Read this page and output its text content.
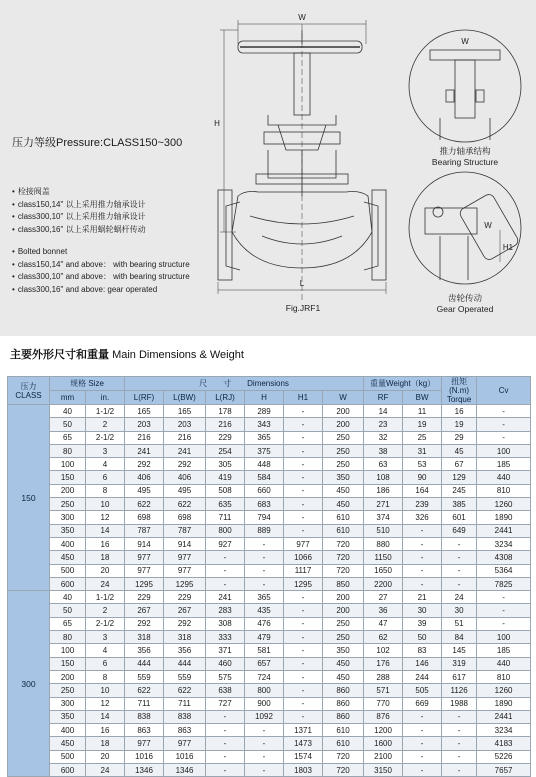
W
H
L
H1
W
W
压力等级Pressure:CLASS150~300
• 栓接阀盖
• class150,14" 以上采用推力轴承设计
• class300,10" 以上采用推力轴承设计
• class300,16" 以上采用蜗轮蜗杆传动
• Bolted bonnet
• class150,14" and above： with bearing structure
• class300,10" and above： with bearing structure
• class300,16" and above: gear operated
Fig.JRF1
推力轴承结构
Bearing Structure
齿轮传动
Gear Operated
主要外形尺寸和重量 Main Dimensions & Weight
压力
CLASS	规格 Size		尺　　寸　　Dimensions						重量Weight（kg）		扭矩(N.m)
Torque	Cv
	mm	in.	L(RF)	L(BW)	L(RJ)	H	H1	W	RF	BW		
150	40	1-1/2	165	165	178	289	-	200	14	11	16	-
	50	2	203	203	216	343	-	200	23	19	19	-
	65	2-1/2	216	216	229	365	-	250	32	25	29	-
	80	3	241	241	254	375	-	250	38	31	45	100
	100	4	292	292	305	448	-	250	63	53	67	185
	150	6	406	406	419	584	-	350	108	90	129	440
	200	8	495	495	508	660	-	450	186	164	245	810
	250	10	622	622	635	683	-	450	271	239	385	1260
	300	12	698	698	711	794	-	610	374	326	601	1890
	350	14	787	787	800	889	-	610	510	-	649	2441
	400	16	914	914	927	-	977	720	880	-	-	3234
	450	18	977	977	-	-	1066	720	1150	-	-	4308
	500	20	977	977	-	-	1117	720	1650	-	-	5364
	600	24	1295	1295	-	-	1295	850	2200	-	-	7825
300	40	1-1/2	229	229	241	365	-	200	27	21	24	-
	50	2	267	267	283	435	-	200	36	30	30	-
	65	2-1/2	292	292	308	476	-	250	47	39	51	-
	80	3	318	318	333	479	-	250	62	50	84	100
	100	4	356	356	371	581	-	350	102	83	145	185
	150	6	444	444	460	657	-	450	176	146	319	440
	200	8	559	559	575	724	-	450	288	244	617	810
	250	10	622	622	638	800	-	860	571	505	1126	1260
	300	12	711	711	727	900	-	860	770	669	1988	1890
	350	14	838	838	-	1092	-	860	876	-	-	2441
	400	16	863	863	-	-	1371	610	1200	-	-	3234
	450	18	977	977	-	-	1473	610	1600	-	-	4183
	500	20	1016	1016	-	-	1574	720	2100	-	-	5226
	600	24	1346	1346	-	-	1803	720	3150	-	-	7657
